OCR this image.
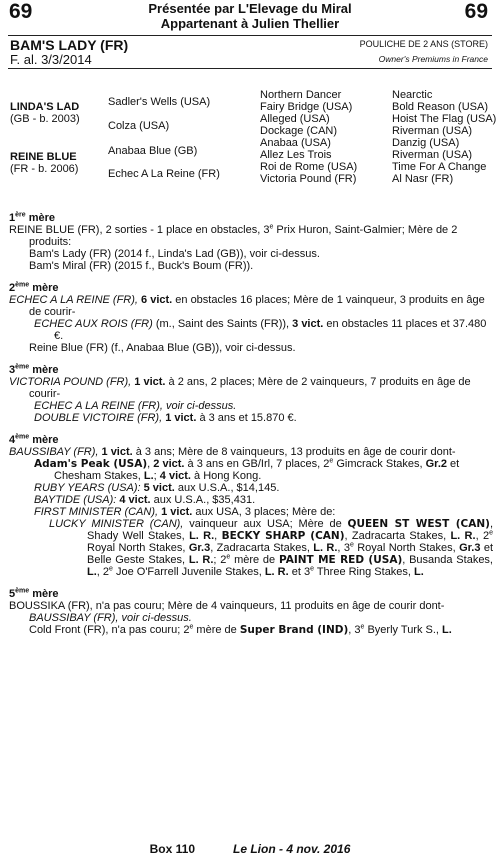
69	69
Présentée par L'Elevage du Miral
Appartenant à Julien Thellier
BAM'S LADY (FR)
F. al. 3/3/2014
POULICHE DE 2 ANS (STORE)
Owner's Premiums in France
LINDA'S LAD
(GB - b. 2003)
REINE BLUE
(FR - b. 2006)
Sadler's Wells (USA)
Colza (USA)
Anabaa Blue (GB)
Echec A La Reine (FR)
Northern Dancer
Fairy Bridge (USA)
Alleged (USA)
Dockage (CAN)
Anabaa (USA)
Allez Les Trois
Roi de Rome (USA)
Victoria Pound (FR)
Nearctic
Bold Reason (USA)
Hoist The Flag (USA)
Riverman (USA)
Danzig (USA)
Riverman (USA)
Time For A Change
Al Nasr (FR)
1ère mère
REINE BLUE (FR), 2 sorties - 1 place en obstacles, 3e Prix Huron, Saint-Galmier; Mère de 2 produits:
Bam's Lady (FR) (2014 f., Linda's Lad (GB)), voir ci-dessus.
Bam's Miral (FR) (2015 f., Buck's Boum (FR)).
2ème mère
ECHEC A LA REINE (FR), 6 vict. en obstacles 16 places; Mère de 1 vainqueur, 3 produits en âge de courir-
ECHEC AUX ROIS (FR) (m., Saint des Saints (FR)), 3 vict. en obstacles 11 places et 37.480 €.
Reine Blue (FR) (f., Anabaa Blue (GB)), voir ci-dessus.
3ème mère
VICTORIA POUND (FR), 1 vict. à 2 ans, 2 places; Mère de 2 vainqueurs, 7 produits en âge de courir-
ECHEC A LA REINE (FR), voir ci-dessus.
DOUBLE VICTOIRE (FR), 1 vict. à 3 ans et 15.870 €.
4ème mère
BAUSSIBAY (FR), 1 vict. à 3 ans; Mère de 8 vainqueurs, 13 produits en âge de courir dont-
Adam's Peak (USA), 2 vict. à 3 ans en GB/Irl, 7 places, 2e Gimcrack Stakes, Gr.2 et Chesham Stakes, L.; 4 vict. à Hong Kong.
RUBY YEARS (USA): 5 vict. aux U.S.A., $14,145.
BAYTIDE (USA): 4 vict. aux U.S.A., $35,431.
FIRST MINISTER (CAN), 1 vict. aux USA, 3 places; Mère de:
LUCKY MINISTER (CAN), vainqueur aux USA; Mère de QUEEN ST WEST (CAN), Shady Well Stakes, L. R., BECKY SHARP (CAN), Zadracarta Stakes, L. R., 2e Royal North Stakes, Gr.3, Zadracarta Stakes, L. R., 3e Royal North Stakes, Gr.3 et Belle Geste Stakes, L. R.; 2e mère de PAINT ME RED (USA), Busanda Stakes, L., 2e Joe O'Farrell Juvenile Stakes, L. R. et 3e Three Ring Stakes, L.
5ème mère
BOUSSIKA (FR), n'a pas couru; Mère de 4 vainqueurs, 11 produits en âge de courir dont-
BAUSSIBAY (FR), voir ci-dessus.
Cold Front (FR), n'a pas couru; 2e mère de Super Brand (IND), 3e Byerly Turk S., L.
Box 110	Le Lion - 4 nov. 2016
